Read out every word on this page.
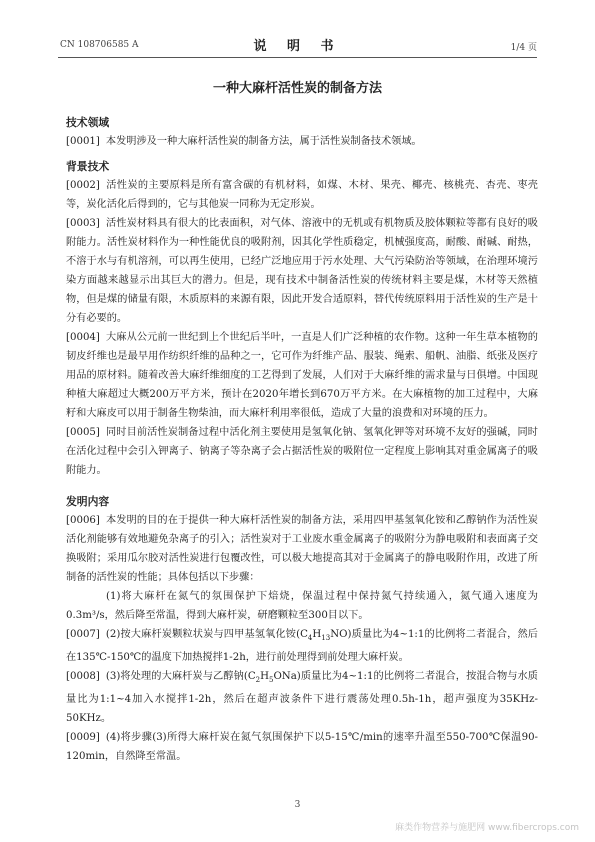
CN 108706585 A	说 明 书	1/4 页
一种大麻杆活性炭的制备方法

技术领域

[0001] 本发明涉及一种大麻杆活性炭的制备方法，属于活性炭制备技术领域。

背景技术

[0002] 活性炭的主要原料是所有富含碳的有机材料，如煤、木材、果壳、椰壳、核桃壳、杏壳、枣壳等，炭化活化后得到的，它与其他炭一同称为无定形炭。

[0003] 活性炭材料具有很大的比表面积，对气体、溶液中的无机或有机物质及胶体颗粒等都有良好的吸附能力。活性炭材料作为一种性能优良的吸附剂，因其化学性质稳定，机械强度高，耐酸、耐碱、耐热，不溶于水与有机溶剂，可以再生使用，已经广泛地应用于污水处理、大气污染防治等领域，在治理环境污染方面越来越显示出其巨大的潜力。但是，现有技术中制备活性炭的传统材料主要是煤，木材等天然植物，但是煤的储量有限，木质原料的来源有限，因此开发合适原料，替代传统原料用于活性炭的生产是十分有必要的。

[0004] 大麻从公元前一世纪到上个世纪后半叶，一直是人们广泛种植的农作物。这种一年生草本植物的韧皮纤维也是最早用作纺织纤维的品种之一，它可作为纤维产品、服装、绳索、船帆、油脂、纸张及医疗用品的原材料。随着改善大麻纤维细度的工艺得到了发展，人们对于大麻纤维的需求量与日俱增。中国现种植大麻超过大概200万平方米，预计在2020年增长到670万平方米。在大麻植物的加工过程中，大麻籽和大麻皮可以用于制备生物柴油，而大麻杆利用率很低，造成了大量的浪费和对环境的压力。

[0005] 同时目前活性炭制备过程中活化剂主要使用是氢氧化钠、氢氧化钾等对环境不友好的强碱，同时在活化过程中会引入钾离子、钠离子等杂离子会占据活性炭的吸附位一定程度上影响其对重金属离子的吸附能力。

发明内容

[0006] 本发明的目的在于提供一种大麻杆活性炭的制备方法，采用四甲基氢氧化铵和乙醇钠作为活性炭活化剂能够有效地避免杂离子的引入；活性炭对于工业废水重金属离子的吸附分为静电吸附和表面离子交换吸附；采用瓜尔胶对活性炭进行包覆改性，可以极大地提高其对于金属离子的静电吸附作用，改进了所制备的活性炭的性能；具体包括以下步骤：

(1)将大麻杆在氮气的氛围保护下焙烧，保温过程中保持氮气持续通入，氮气通入速度为0.3m³/s，然后降至常温，得到大麻杆炭，研磨颗粒至300目以下。

[0007] (2)按大麻杆炭颗粒状炭与四甲基氢氧化铵$(C_4H_{13}NO)$质量比为4~1:1的比例将二者混合，然后在135℃-150℃的温度下加热搅拌1-2h，进行前处理得到前处理大麻杆炭。

[0008] (3)将处理的大麻杆炭与乙醇钠$(C_2H_5ONa)$质量比为4~1:1的比例将二者混合，按混合物与水质量比为1:1~4加入水搅拌1-2h，然后在超声波条件下进行震荡处理0.5h-1h，超声强度为35KHz-50KHz。

[0009] (4)将步骤(3)所得大麻杆炭在氮气氛围保护下以5-15℃/min的速率升温至550-700℃保温90-120min，自然降至常温。

3
麻类作物营养与施肥网 www.fibercrops.com
